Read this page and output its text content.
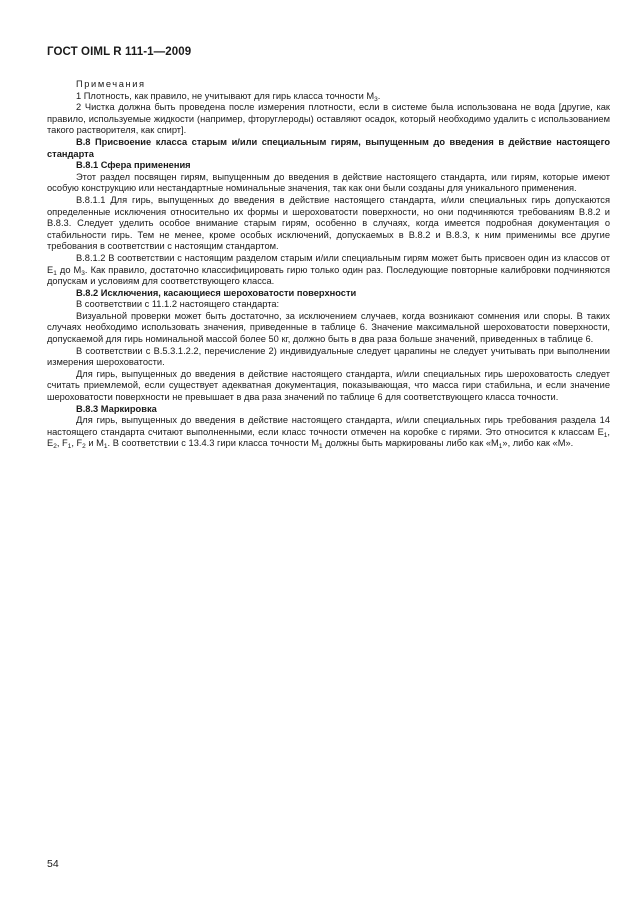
ГОСТ OIML R 111-1—2009

Примечания

1 Плотность, как правило, не учитывают для гирь класса точности $M_3$.

2 Чистка должна быть проведена после измерения плотности, если в системе была использована не вода [другие, как правило, используемые жидкости (например, фторуглероды) оставляют осадок, который необходимо удалить с использованием такого растворителя, как спирт].

B.8 Присвоение класса старым и/или специальным гирям, выпущенным до введения в действие настоящего стандарта

B.8.1 Сфера применения

Этот раздел посвящен гирям, выпущенным до введения в действие настоящего стандарта, или гирям, которые имеют особую конструкцию или нестандартные номинальные значения, так как они были созданы для уникального применения.

B.8.1.1 Для гирь, выпущенных до введения в действие настоящего стандарта, и/или специальных гирь допускаются определенные исключения относительно их формы и шероховатости поверхности, но они подчиняются требованиям B.8.2 и B.8.3. Следует уделить особое внимание старым гирям, особенно в случаях, когда имеется подробная документация о стабильности гирь. Тем не менее, кроме особых исключений, допускаемых в B.8.2 и B.8.3, к ним применимы все другие требования в соответствии с настоящим стандартом.

B.8.1.2 В соответствии с настоящим разделом старым и/или специальным гирям может быть присвоен один из классов от $E_1$ до $M_3$. Как правило, достаточно классифицировать гирю только один раз. Последующие повторные калибровки подчиняются допускам и условиям для соответствующего класса.

B.8.2 Исключения, касающиеся шероховатости поверхности

В соответствии с 11.1.2 настоящего стандарта:

Визуальной проверки может быть достаточно, за исключением случаев, когда возникают сомнения или споры. В таких случаях необходимо использовать значения, приведенные в таблице 6. Значение максимальной шероховатости поверхности, допускаемой для гирь номинальной массой более 50 кг, должно быть в два раза больше значений, приведенных в таблице 6.

В соответствии с B.5.3.1.2.2, перечисление 2) индивидуальные следует царапины не следует учитывать при выполнении измерения шероховатости.

Для гирь, выпущенных до введения в действие настоящего стандарта, и/или специальных гирь шероховатость следует считать приемлемой, если существует адекватная документация, показывающая, что масса гири стабильна, и если значение шероховатости поверхности не превышает в два раза значений по таблице 6 для соответствующего класса точности.

B.8.3 Маркировка

Для гирь, выпущенных до введения в действие настоящего стандарта, и/или специальных гирь требования раздела 14 настоящего стандарта считают выполненными, если класс точности отмечен на коробке с гирями. Это относится к классам $E_1$, $E_2$, $F_1$, $F_2$ и $M_1$. В соответствии с 13.4.3 гири класса точности $M_1$ должны быть маркированы либо как «$M_1$», либо как «M».

54
